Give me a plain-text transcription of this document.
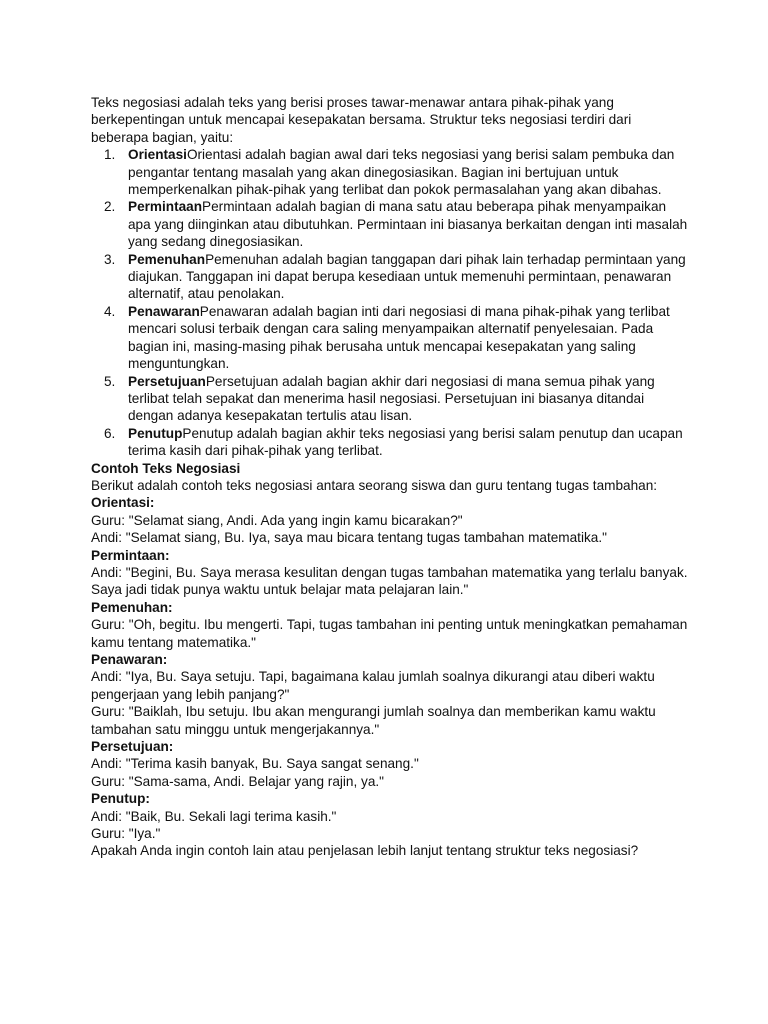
Teks negosiasi adalah teks yang berisi proses tawar-menawar antara pihak-pihak yang berkepentingan untuk mencapai kesepakatan bersama. Struktur teks negosiasi terdiri dari beberapa bagian, yaitu:

1. OrientasiOrientasi adalah bagian awal dari teks negosiasi yang berisi salam pembuka dan pengantar tentang masalah yang akan dinegosiasikan. Bagian ini bertujuan untuk memperkenalkan pihak-pihak yang terlibat dan pokok permasalahan yang akan dibahas.
2. PermintaanPermintaan adalah bagian di mana satu atau beberapa pihak menyampaikan apa yang diinginkan atau dibutuhkan. Permintaan ini biasanya berkaitan dengan inti masalah yang sedang dinegosiasikan.
3. PemenuhanPemenuhan adalah bagian tanggapan dari pihak lain terhadap permintaan yang diajukan. Tanggapan ini dapat berupa kesediaan untuk memenuhi permintaan, penawaran alternatif, atau penolakan.
4. PenawaranPenawaran adalah bagian inti dari negosiasi di mana pihak-pihak yang terlibat mencari solusi terbaik dengan cara saling menyampaikan alternatif penyelesaian. Pada bagian ini, masing-masing pihak berusaha untuk mencapai kesepakatan yang saling menguntungkan.
5. PersetujuanPersetujuan adalah bagian akhir dari negosiasi di mana semua pihak yang terlibat telah sepakat dan menerima hasil negosiasi. Persetujuan ini biasanya ditandai dengan adanya kesepakatan tertulis atau lisan.
6. PenutupPenutup adalah bagian akhir teks negosiasi yang berisi salam penutup dan ucapan terima kasih dari pihak-pihak yang terlibat.

Contoh Teks Negosiasi

Berikut adalah contoh teks negosiasi antara seorang siswa dan guru tentang tugas tambahan:

Orientasi:

Guru: "Selamat siang, Andi. Ada yang ingin kamu bicarakan?"

Andi: "Selamat siang, Bu. Iya, saya mau bicara tentang tugas tambahan matematika."

Permintaan:

Andi: "Begini, Bu. Saya merasa kesulitan dengan tugas tambahan matematika yang terlalu banyak. Saya jadi tidak punya waktu untuk belajar mata pelajaran lain."

Pemenuhan:

Guru: "Oh, begitu. Ibu mengerti. Tapi, tugas tambahan ini penting untuk meningkatkan pemahaman kamu tentang matematika."

Penawaran:

Andi: "Iya, Bu. Saya setuju. Tapi, bagaimana kalau jumlah soalnya dikurangi atau diberi waktu pengerjaan yang lebih panjang?"

Guru: "Baiklah, Ibu setuju. Ibu akan mengurangi jumlah soalnya dan memberikan kamu waktu tambahan satu minggu untuk mengerjakannya."

Persetujuan:

Andi: "Terima kasih banyak, Bu. Saya sangat senang."

Guru: "Sama-sama, Andi. Belajar yang rajin, ya."

Penutup:

Andi: "Baik, Bu. Sekali lagi terima kasih."

Guru: "Iya."

Apakah Anda ingin contoh lain atau penjelasan lebih lanjut tentang struktur teks negosiasi?
